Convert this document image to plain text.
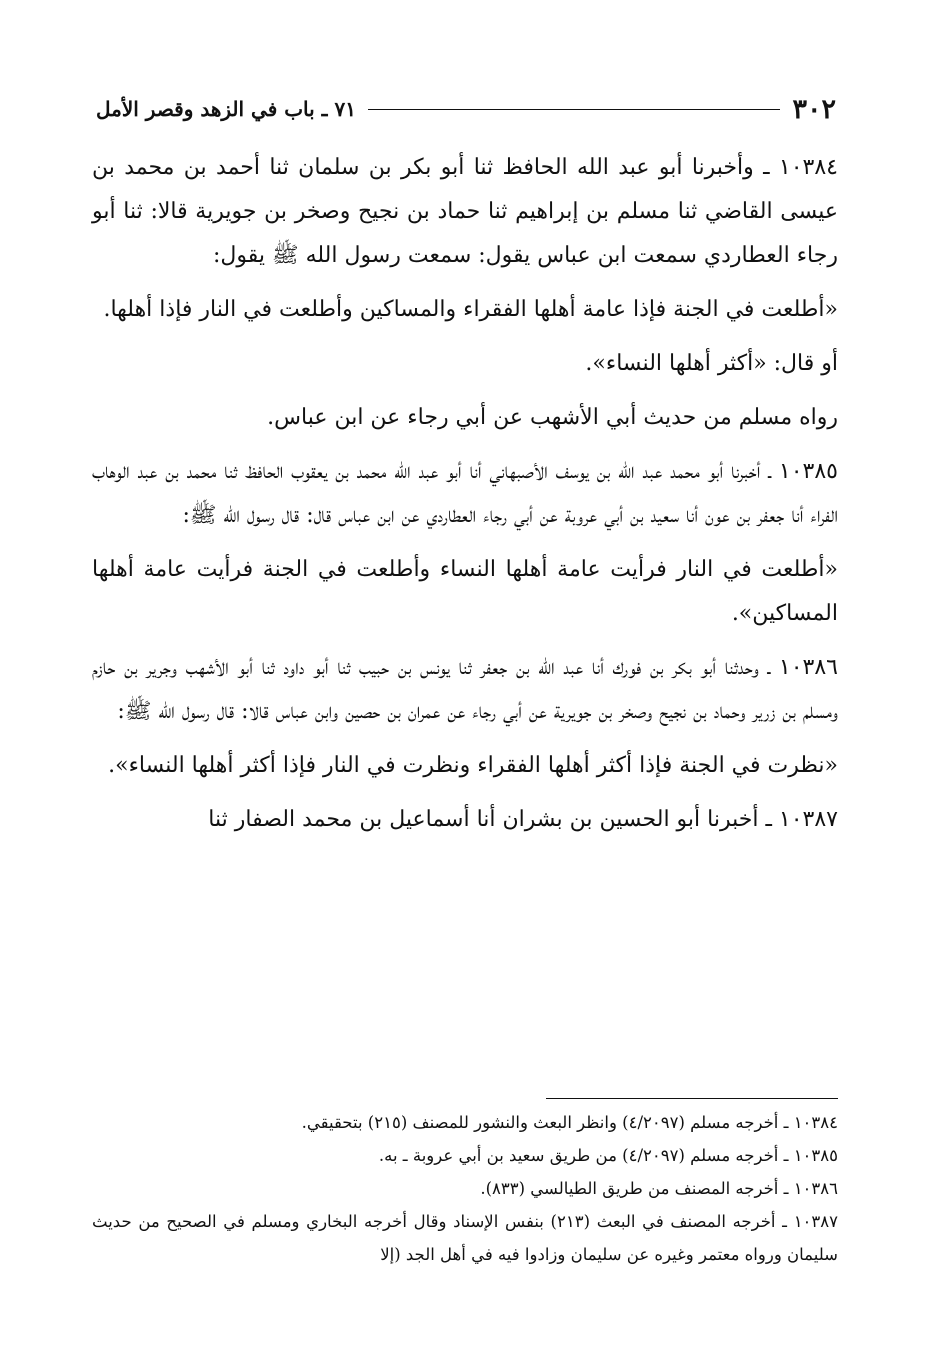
٣٠٢
٧١ ـ باب في الزهد وقصر الأمل

١٠٣٨٤ ـ وأخبرنا أبو عبد الله الحافظ ثنا أبو بكر بن سلمان ثنا أحمد بن محمد بن عيسى القاضي ثنا مسلم بن إبراهيم ثنا حماد بن نجيح وصخر بن جويرية قالا: ثنا أبو رجاء العطاردي سمعت ابن عباس يقول: سمعت رسول الله ﷺ يقول:

«أطلعت في الجنة فإذا عامة أهلها الفقراء والمساكين وأطلعت في النار فإذا أهلها.

أو قال: «أكثر أهلها النساء».

رواه مسلم من حديث أبي الأشهب عن أبي رجاء عن ابن عباس.

١٠٣٨٥ ـ أخبرنا أبو محمد عبد الله بن يوسف الأصبهاني أنا أبو عبد الله محمد بن يعقوب الحافظ ثنا محمد بن عبد الوهاب الفراء أنا جعفر بن عون أنا سعيد بن أبي عروبة عن أبي رجاء العطاردي عن ابن عباس قال: قال رسول الله ﷺ:

«أطلعت في النار فرأيت عامة أهلها النساء وأطلعت في الجنة فرأيت عامة أهلها المساكين».

١٠٣٨٦ ـ وحدثنا أبو بكر بن فورك أنا عبد الله بن جعفر ثنا يونس بن حبيب ثنا أبو داود ثنا أبو الأشهب وجرير بن حازم ومسلم بن زرير وحماد بن نجيح وصخر بن جويرية عن أبي رجاء عن عمران بن حصين وابن عباس قالا: قال رسول الله ﷺ:

«نظرت في الجنة فإذا أكثر أهلها الفقراء ونظرت في النار فإذا أكثر أهلها النساء».

١٠٣٨٧ ـ أخبرنا أبو الحسين بن بشران أنا أسماعيل بن محمد الصفار ثنا

١٠٣٨٤ ـ أخرجه مسلم (٤/٢٠٩٧) وانظر البعث والنشور للمصنف (٢١٥) بتحقيقي.

١٠٣٨٥ ـ أخرجه مسلم (٤/٢٠٩٧) من طريق سعيد بن أبي عروبة ـ به.

١٠٣٨٦ ـ أخرجه المصنف من طريق الطيالسي (٨٣٣).

١٠٣٨٧ ـ أخرجه المصنف في البعث (٢١٣) بنفس الإسناد وقال أخرجه البخاري ومسلم في الصحيح من حديث سليمان ورواه معتمر وغيره عن سليمان وزادوا فيه في أهل الجد (إلا
